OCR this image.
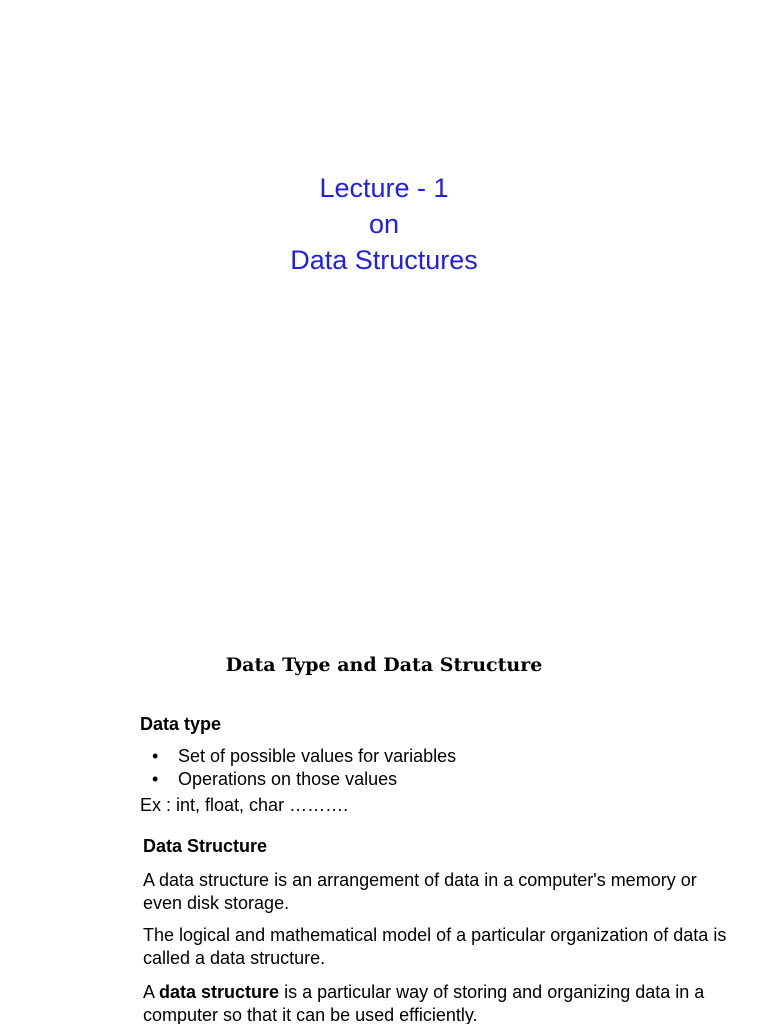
Lecture - 1
on
Data Structures
Data Type and Data Structure
Data type
• Set of possible values for variables
• Operations on those values
Ex : int, float, char ……….
Data Structure

A data structure is an arrangement of data in a computer's memory or even disk storage.

The logical and mathematical model of a particular organization of data is called a data structure.

A data structure is a particular way of storing and organizing data in a computer so that it can be used efficiently.
